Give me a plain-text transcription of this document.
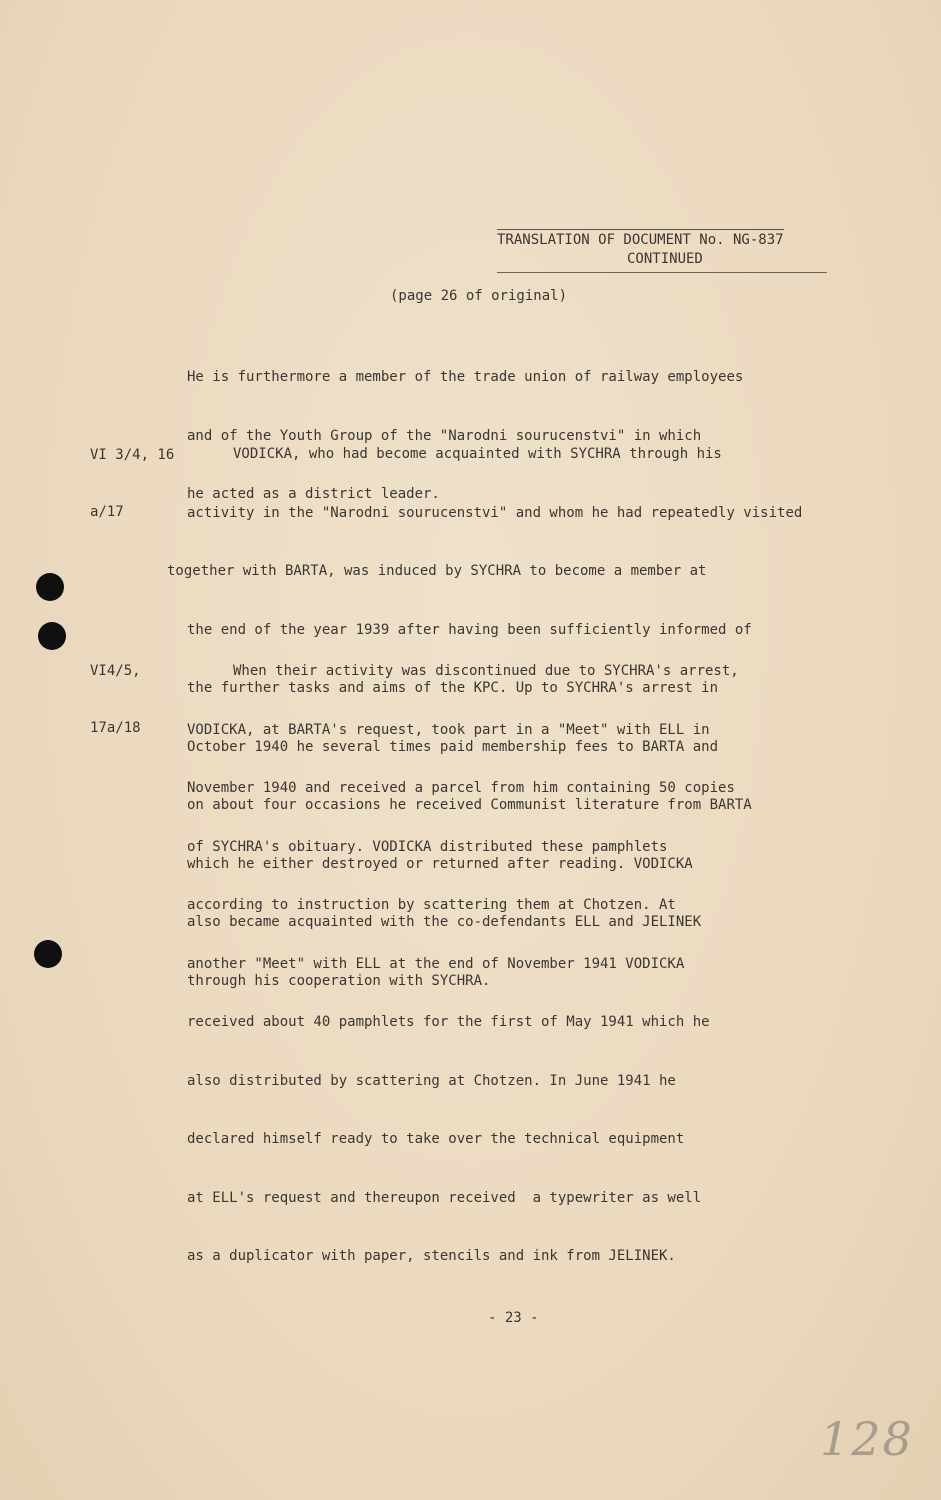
TRANSLATION OF DOCUMENT No. NG-837
CONTINUED
(page 26 of original)

He is furthermore a member of the trade union of railway employees

and of the Youth Group of the "Narodni sourucenstvi" in which

he acted as a district leader.

VI 3/4, 16

a/17

VODICKA, who had become acquainted with SYCHRA through his

activity in the "Narodni sourucenstvi" and whom he had repeatedly visited

together with BARTA, was induced by SYCHRA to become a member at

the end of the year 1939 after having been sufficiently informed of

the further tasks and aims of the KPC. Up to SYCHRA's arrest in

October 1940 he several times paid membership fees to BARTA and

on about four occasions he received Communist literature from BARTA

which he either destroyed or returned after reading. VODICKA

also became acquainted with the co-defendants ELL and JELINEK

through his cooperation with SYCHRA.

VI4/5,

17a/18

When their activity was discontinued due to SYCHRA's arrest,

VODICKA, at BARTA's request, took part in a "Meet" with ELL in

November 1940 and received a parcel from him containing 50 copies

of SYCHRA's obituary. VODICKA distributed these pamphlets

according to instruction by scattering them at Chotzen. At

another "Meet" with ELL at the end of November 1941 VODICKA

received about 40 pamphlets for the first of May 1941 which he

also distributed by scattering at Chotzen. In June 1941 he

declared himself ready to take over the technical equipment

at ELL's request and thereupon received  a typewriter as well

as a duplicator with paper, stencils and ink from JELINEK.

- 23 -
128
